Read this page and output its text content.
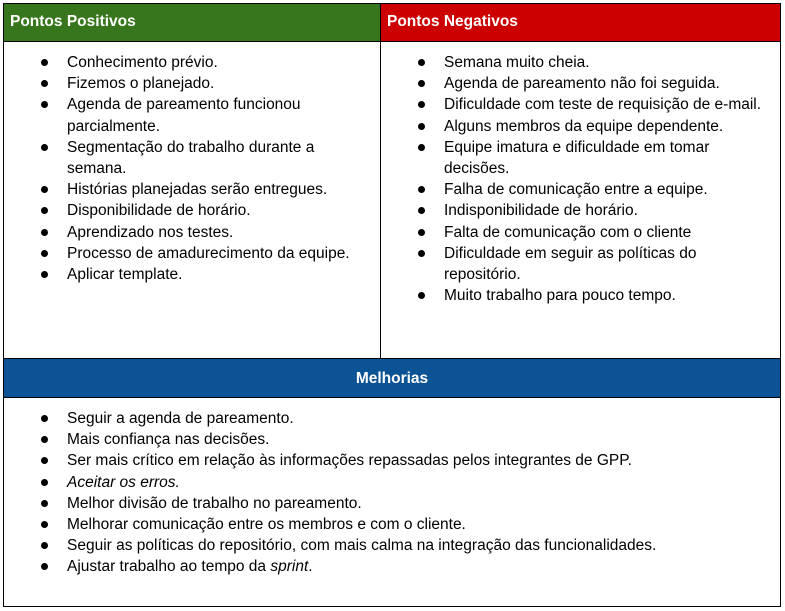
Pontos Positivos	Pontos Negativos
Conhecimento prévio.
Fizemos o planejado.
Agenda de pareamento funcionou parcialmente.
Segmentação do trabalho durante a semana.
Histórias planejadas serão entregues.
Disponibilidade de horário.
Aprendizado nos testes.
Processo de amadurecimento da equipe.
Aplicar template.
Semana muito cheia.
Agenda de pareamento não foi seguida.
Dificuldade com teste de requisição de e-mail.
Alguns membros da equipe dependente.
Equipe imatura e dificuldade em tomar decisões.
Falha de comunicação entre a equipe.
Indisponibilidade de horário.
Falta de comunicação com o cliente
Dificuldade em seguir as políticas do repositório.
Muito trabalho para pouco tempo.
Melhorias
Seguir a agenda de pareamento.
Mais confiança nas decisões.
Ser mais crítico em relação às informações repassadas pelos integrantes de GPP.
Aceitar os erros.
Melhor divisão de trabalho no pareamento.
Melhorar comunicação entre os membros e com o cliente.
Seguir as políticas do repositório, com mais calma na integração das funcionalidades.
Ajustar trabalho ao tempo da sprint.
